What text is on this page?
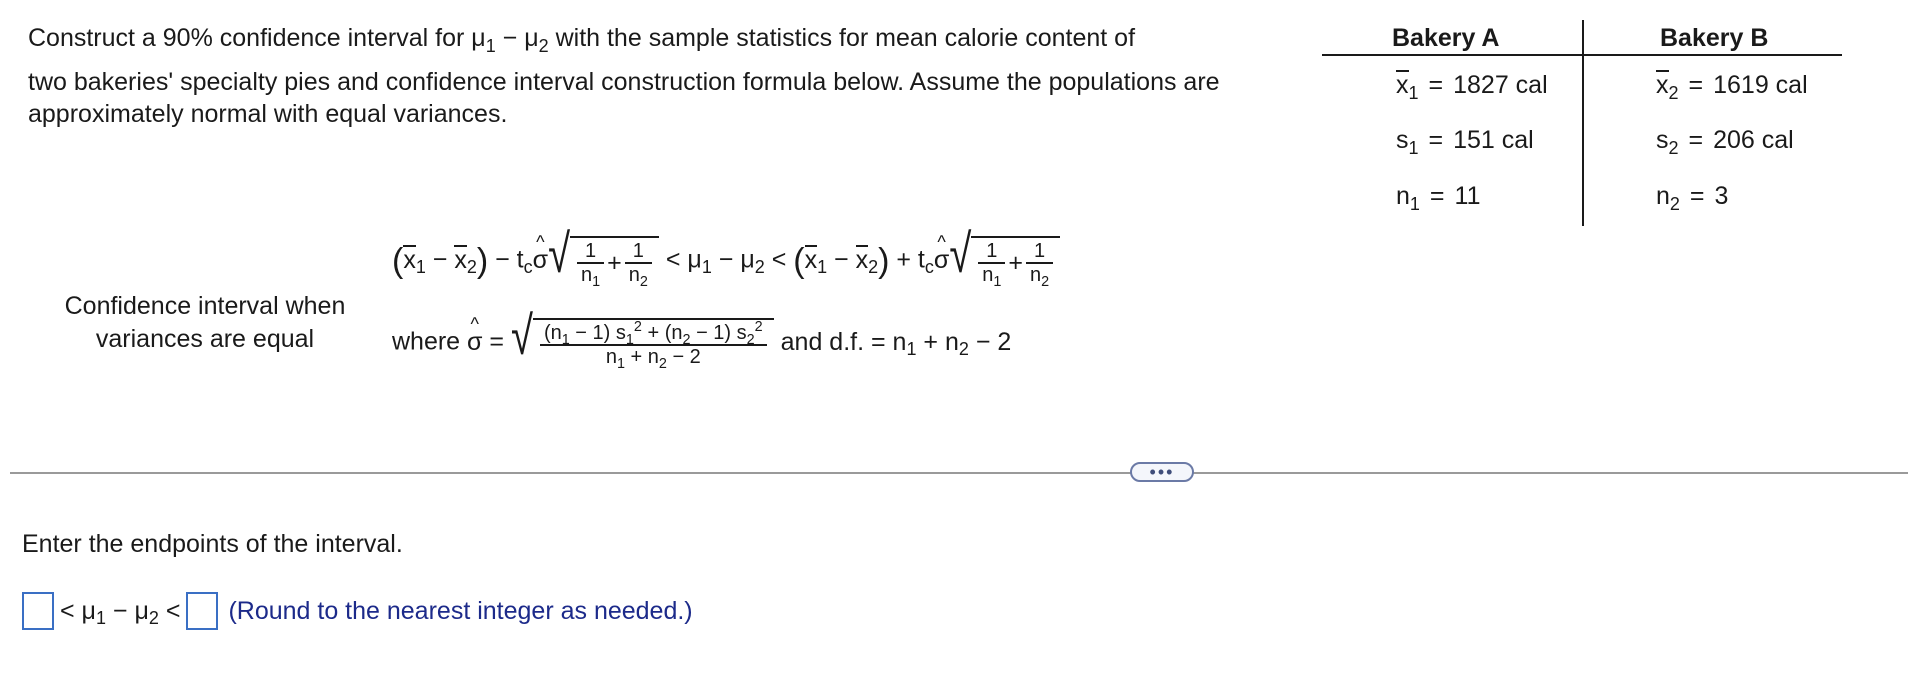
Construct a 90% confidence interval for $\mu_1 - \mu_2$ with the sample statistics for mean calorie content of

two bakeries' specialty pies and confidence interval construction formula below. Assume the populations are approximately normal with equal variances.

Bakery A	Bakery B
$x_1 = 1827$ cal
$s_1 = 151$ cal
$n_1 = 11$
$x_2 = 1619$ cal
$s_2 = 206$ cal
$n_2 = 3$
Confidence interval when variances are equal
$(x_1 - x_2)$ − $t_c\^{}$ σ √ $\frac{1}{n_1} + \frac{1}{n_2} < \mu_1 - \mu_2 < (x_1 - x_2)$ + $t_c\^{}$ σ √ $\frac{1}{n_1} + \frac{1}{n_2}$
where ^ σ = √ $\frac{(n_1 - 1) s_1^2 + (n_2 - 1) s_2^2}{n_1 + n_2 - 2}$ and d.f. = $n_1 + n_2 - 2$
•••
Enter the endpoints of the interval.
< $\mu_1 - \mu_2$ < (Round to the nearest integer as needed.)
